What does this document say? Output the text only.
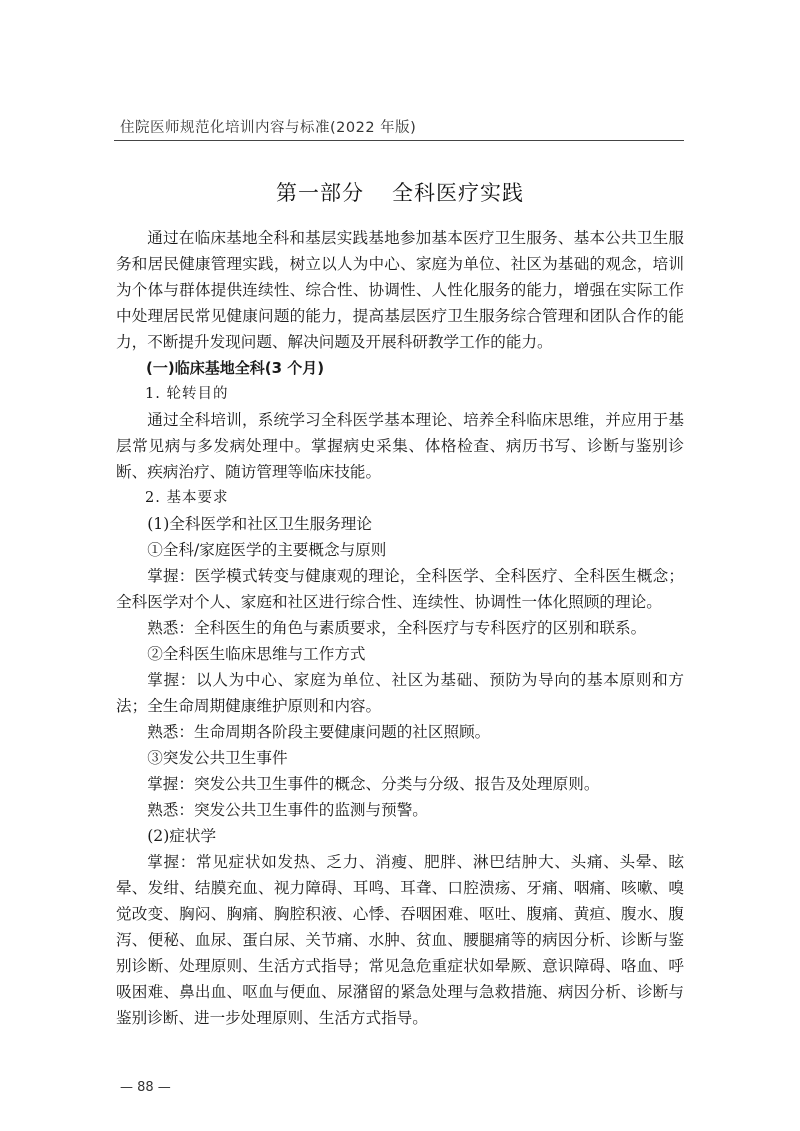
住院医师规范化培训内容与标准(2022 年版)
第一部分 全科医疗实践

通过在临床基地全科和基层实践基地参加基本医疗卫生服务、基本公共卫生服务和居民健康管理实践，树立以人为中心、家庭为单位、社区为基础的观念，培训为个体与群体提供连续性、综合性、协调性、人性化服务的能力，增强在实际工作中处理居民常见健康问题的能力，提高基层医疗卫生服务综合管理和团队合作的能力，不断提升发现问题、解决问题及开展科研教学工作的能力。

(一)临床基地全科(3 个月)

1. 轮转目的

通过全科培训，系统学习全科医学基本理论、培养全科临床思维，并应用于基层常见病与多发病处理中。掌握病史采集、体格检查、病历书写、诊断与鉴别诊断、疾病治疗、随访管理等临床技能。

2. 基本要求

(1)全科医学和社区卫生服务理论

①全科/家庭医学的主要概念与原则

掌握：医学模式转变与健康观的理论，全科医学、全科医疗、全科医生概念；全科医学对个人、家庭和社区进行综合性、连续性、协调性一体化照顾的理论。

熟悉：全科医生的角色与素质要求，全科医疗与专科医疗的区别和联系。

②全科医生临床思维与工作方式

掌握：以人为中心、家庭为单位、社区为基础、预防为导向的基本原则和方法；全生命周期健康维护原则和内容。

熟悉：生命周期各阶段主要健康问题的社区照顾。

③突发公共卫生事件

掌握：突发公共卫生事件的概念、分类与分级、报告及处理原则。

熟悉：突发公共卫生事件的监测与预警。

(2)症状学

掌握：常见症状如发热、乏力、消瘦、肥胖、淋巴结肿大、头痛、头晕、眩晕、发绀、结膜充血、视力障碍、耳鸣、耳聋、口腔溃疡、牙痛、咽痛、咳嗽、嗅觉改变、胸闷、胸痛、胸腔积液、心悸、吞咽困难、呕吐、腹痛、黄疸、腹水、腹泻、便秘、血尿、蛋白尿、关节痛、水肿、贫血、腰腿痛等的病因分析、诊断与鉴别诊断、处理原则、生活方式指导；常见急危重症状如晕厥、意识障碍、咯血、呼吸困难、鼻出血、呕血与便血、尿潴留的紧急处理与急救措施、病因分析、诊断与鉴别诊断、进一步处理原则、生活方式指导。

— 88 —
